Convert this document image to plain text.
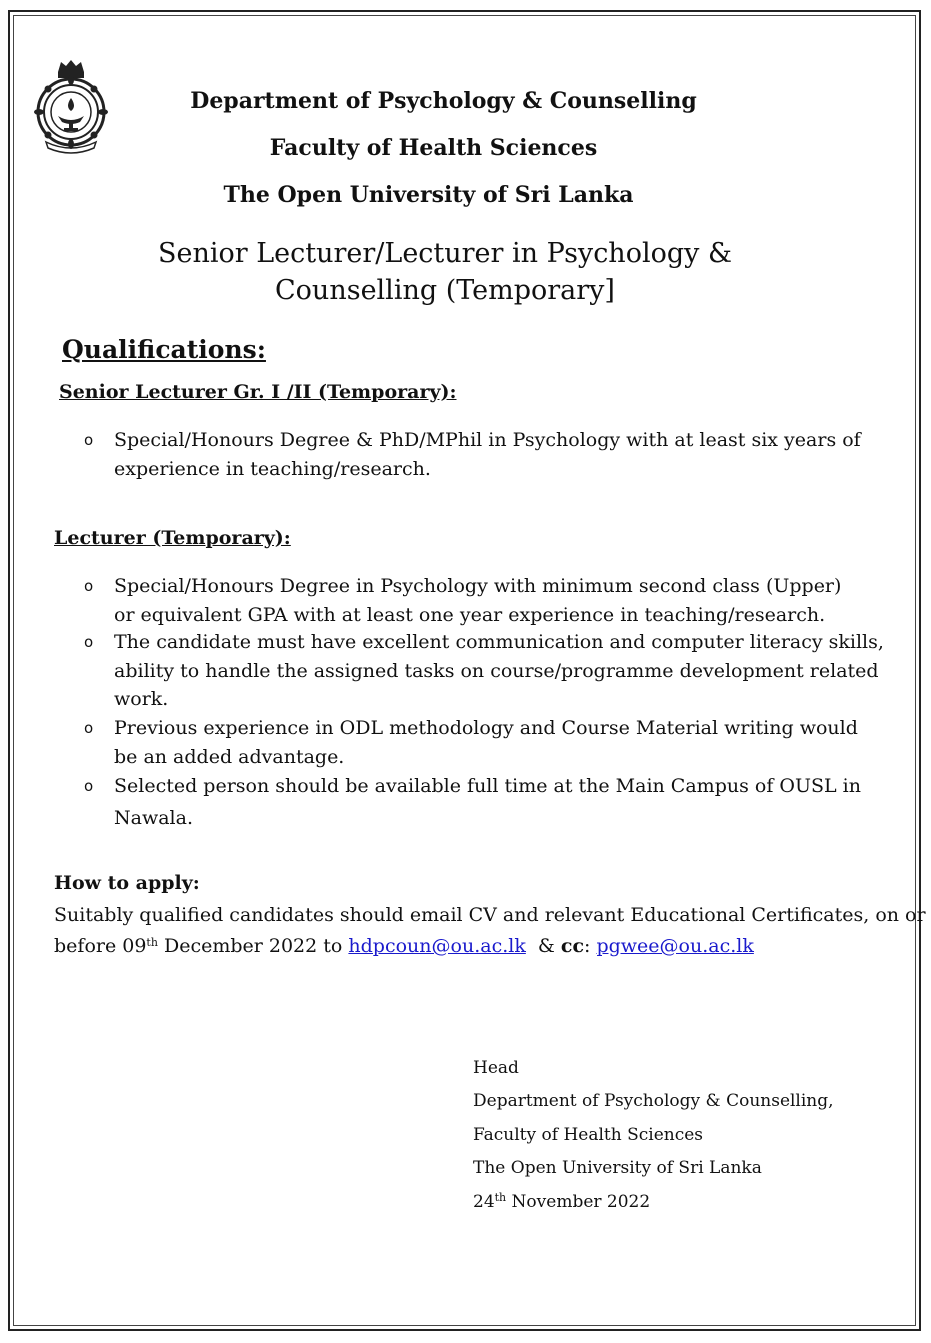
Department of Psychology & Counselling
Faculty of Health Sciences
The Open University of Sri Lanka
Senior Lecturer/Lecturer in Psychology &
Counselling (Temporary]
Qualifications:
Senior Lecturer Gr. I /II (Temporary):
o Special/Honours Degree & PhD/MPhil in Psychology with at least six years of
experience in teaching/research.
Lecturer (Temporary):
o Special/Honours Degree in Psychology with minimum second class (Upper)
or equivalent GPA with at least one year experience in teaching/research.
o The candidate must have excellent communication and computer literacy skills,
ability to handle the assigned tasks on course/programme development related
work.
o Previous experience in ODL methodology and Course Material writing would
be an added advantage.
o Selected person should be available full time at the Main Campus of OUSL in
Nawala.
How to apply:
Suitably qualified candidates should email CV and relevant Educational Certificates, on or
before 09th December 2022 to hdpcoun@ou.ac.lk  & cc: pgwee@ou.ac.lk
Head
Department of Psychology & Counselling,
Faculty of Health Sciences
The Open University of Sri Lanka
24th November 2022
